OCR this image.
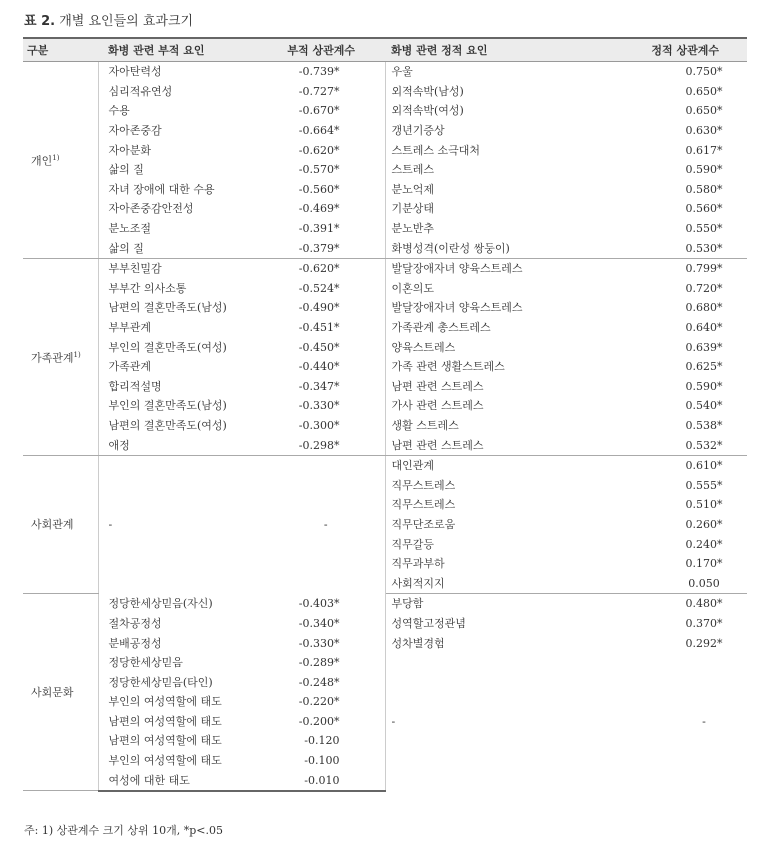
표 2. 개별 요인들의 효과크기
구분	화병 관련 부적 요인	부적 상관계수	화병 관련 정적 요인	정적 상관계수
개인$^{1)}$	자아탄력성	-0.739*	우울	0.750*
	심리적유연성	-0.727*	외적속박(남성)	0.650*
	수용	-0.670*	외적속박(여성)	0.650*
	자아존중감	-0.664*	갱년기증상	0.630*
	자아분화	-0.620*	스트레스 소극대처	0.617*
	삶의 질	-0.570*	스트레스	0.590*
	자녀 장애에 대한 수용	-0.560*	분노억제	0.580*
	자아존중감안전성	-0.469*	기분상태	0.560*
	분노조절	-0.391*	분노반추	0.550*
	삶의 질	-0.379*	화병성격(이란성 쌍둥이)	0.530*
가족관계$^{1)}$	부부친밀감	-0.620*	발달장애자녀 양육스트레스	0.799*
	부부간 의사소통	-0.524*	이혼의도	0.720*
	남편의 결혼만족도(남성)	-0.490*	발달장애자녀 양육스트레스	0.680*
	부부관계	-0.451*	가족관계 총스트레스	0.640*
	부인의 결혼만족도(여성)	-0.450*	양육스트레스	0.639*
	가족관계	-0.440*	가족 관련 생활스트레스	0.625*
	합리적설명	-0.347*	남편 관련 스트레스	0.590*
	부인의 결혼만족도(남성)	-0.330*	가사 관련 스트레스	0.540*
	남편의 결혼만족도(여성)	-0.300*	생활 스트레스	0.538*
	애정	-0.298*	남편 관련 스트레스	0.532*
사회관계	-	-	대인관계	0.610*
			직무스트레스	0.555*
			직무스트레스	0.510*
			직무단조로움	0.260*
			직무갈등	0.240*
			직무과부하	0.170*
			사회적지지	0.050
사회문화	정당한세상믿음(자신)	-0.403*	부당함	0.480*
	절차공정성	-0.340*	성역할고정관념	0.370*
	분배공정성	-0.330*	성차별경험	0.292*
	정당한세상믿음	-0.289*	-	-
	정당한세상믿음(타인)	-0.248*		
	부인의 여성역할에 태도	-0.220*		
	남편의 여성역할에 태도	-0.200*		
	남편의 여성역할에 태도	-0.120		
	부인의 여성역할에 태도	-0.100		
	여성에 대한 태도	-0.010		
주: 1) 상관계수 크기 상위 10개, *p<.05
